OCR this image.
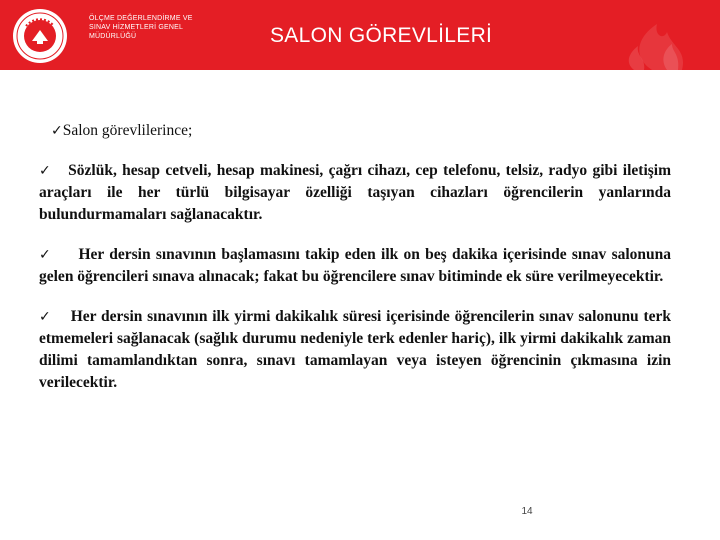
ÖLÇME DEĞERLENDİRME VE
SINAV HİZMETLERİ GENEL
MÜDÜRLÜĞÜ	SALON GÖREVLİLERİ

✓Salon görevlilerince;

✓ Sözlük, hesap cetveli, hesap makinesi, çağrı cihazı, cep telefonu, telsiz, radyo gibi iletişim araçları ile her türlü bilgisayar özelliği taşıyan cihazları öğrencilerin yanlarında bulundurmamaları sağlanacaktır.

✓ Her dersin sınavının başlamasını takip eden ilk on beş dakika içerisinde sınav salonuna gelen öğrencileri sınava alınacak; fakat bu öğrencilere sınav bitiminde ek süre verilmeyecektir.

✓ Her dersin sınavının ilk yirmi dakikalık süresi içerisinde öğrencilerin sınav salonunu terk etmemeleri sağlanacak (sağlık durumu nedeniyle terk edenler hariç), ilk yirmi dakikalık zaman dilimi tamamlandıktan sonra, sınavı tamamlayan veya isteyen öğrencinin çıkmasına izin verilecektir.

14
